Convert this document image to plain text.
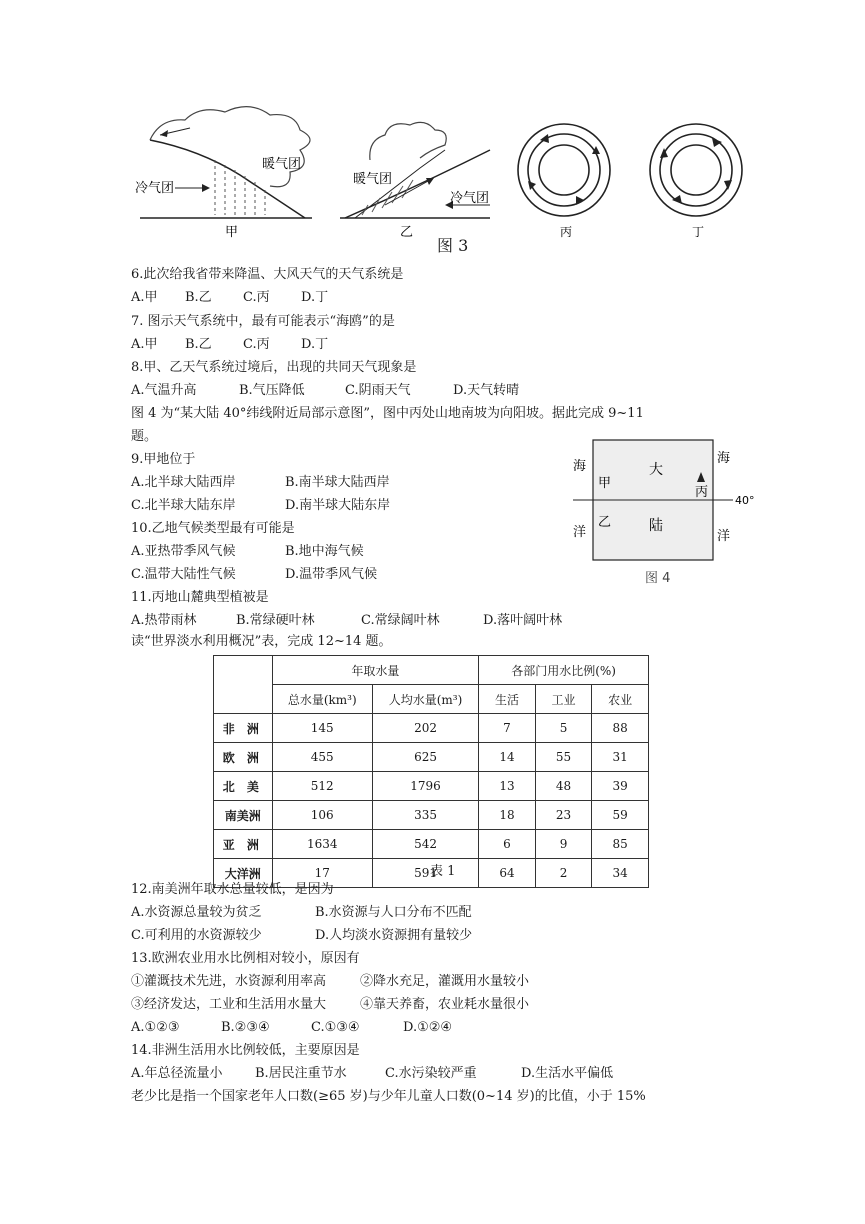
暖气团
冷气团
甲
暖气团
冷气团
乙	丙	丁
图 3
6.此次给我省带来降温、大风天气的天气系统是
A.甲 B.乙 C.丙 D.丁
7. 图示天气系统中，最有可能表示“海鸥”的是
A.甲 B.乙 C.丙 D.丁
8.甲、乙天气系统过境后，出现的共同天气现象是
A.气温升高	B.气压降低	C.阴雨天气	D.天气转晴
图 4 为“某大陆 40°纬线附近局部示意图”，图中丙处山地南坡为向阳坡。据此完成 9~11
题。
40°
海
洋
海
洋
大
陆
甲
乙
丙
图 4
9.甲地位于
A.北半球大陆西岸	B.南半球大陆西岸
C.北半球大陆东岸	D.南半球大陆东岸
10.乙地气候类型最有可能是
A.亚热带季风气候	B.地中海气候
C.温带大陆性气候	D.温带季风气候
11.丙地山麓典型植被是
A.热带雨林	B.常绿硬叶林	C.常绿阔叶林	D.落叶阔叶林
读“世界淡水利用概况”表，完成 12~14 题。
	年取水量		各部门用水比例(%)		
	总水量(km³)	人均水量(m³)	生活	工业	农业
非 洲	145	202	7	5	88
欧 洲	455	625	14	55	31
北 美	512	1796	13	48	39
南美洲	106	335	18	23	59
亚 洲	1634	542	6	9	85
大洋洲	17	591	64	2	34
表 1
12.南美洲年取水总量较低，是因为
A.水资源总量较为贫乏	B.水资源与人口分布不匹配
C.可利用的水资源较少	D.人均淡水资源拥有量较少
13.欧洲农业用水比例相对较小，原因有
①灌溉技术先进，水资源利用率高	②降水充足，灌溉用水量较小
③经济发达，工业和生活用水量大	④靠天养畜，农业耗水量很小
A.①②③	B.②③④	C.①③④	D.①②④
14.非洲生活用水比例较低，主要原因是
A.年总径流量小 B.居民注重节水	C.水污染较严重	D.生活水平偏低
老少比是指一个国家老年人口数(≥65 岁)与少年儿童人口数(0~14 岁)的比值，小于 15%
